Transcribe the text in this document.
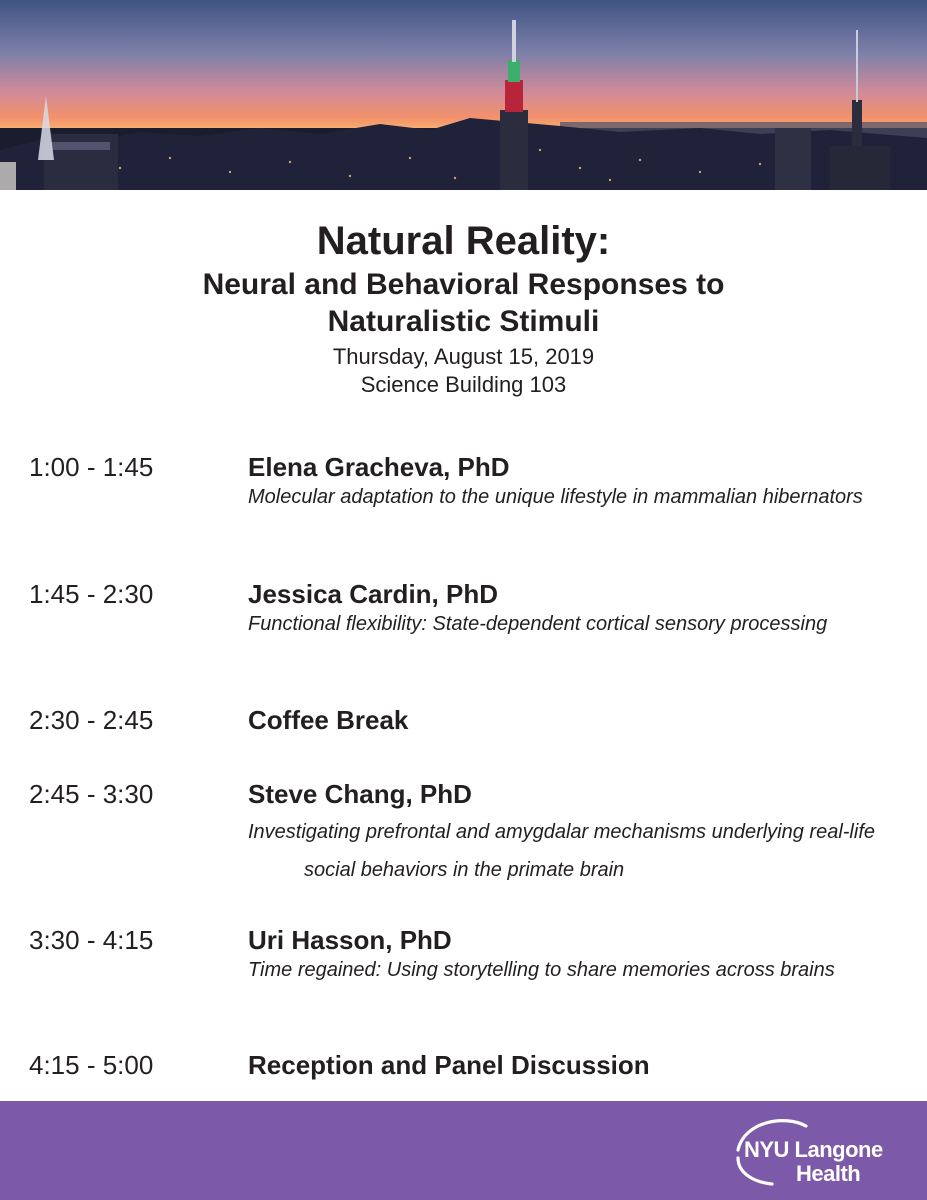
Natural Reality:
Neural and Behavioral Responses to
Naturalistic Stimuli
Thursday, August 15, 2019
Science Building 103
1:00 - 1:45	Elena Gracheva, PhD
Molecular adaptation to the unique lifestyle in mammalian hibernators
1:45 - 2:30	Jessica Cardin, PhD
Functional flexibility: State-dependent cortical sensory processing
2:30 - 2:45	Coffee Break
2:45 - 3:30	Steve Chang, PhD
Investigating prefrontal and amygdalar mechanisms underlying real-life social behaviors in the primate brain
3:30 - 4:15	Uri Hasson, PhD
Time regained: Using storytelling to share memories across brains
4:15 - 5:00	Reception and Panel Discussion
NYU Langone
Health
